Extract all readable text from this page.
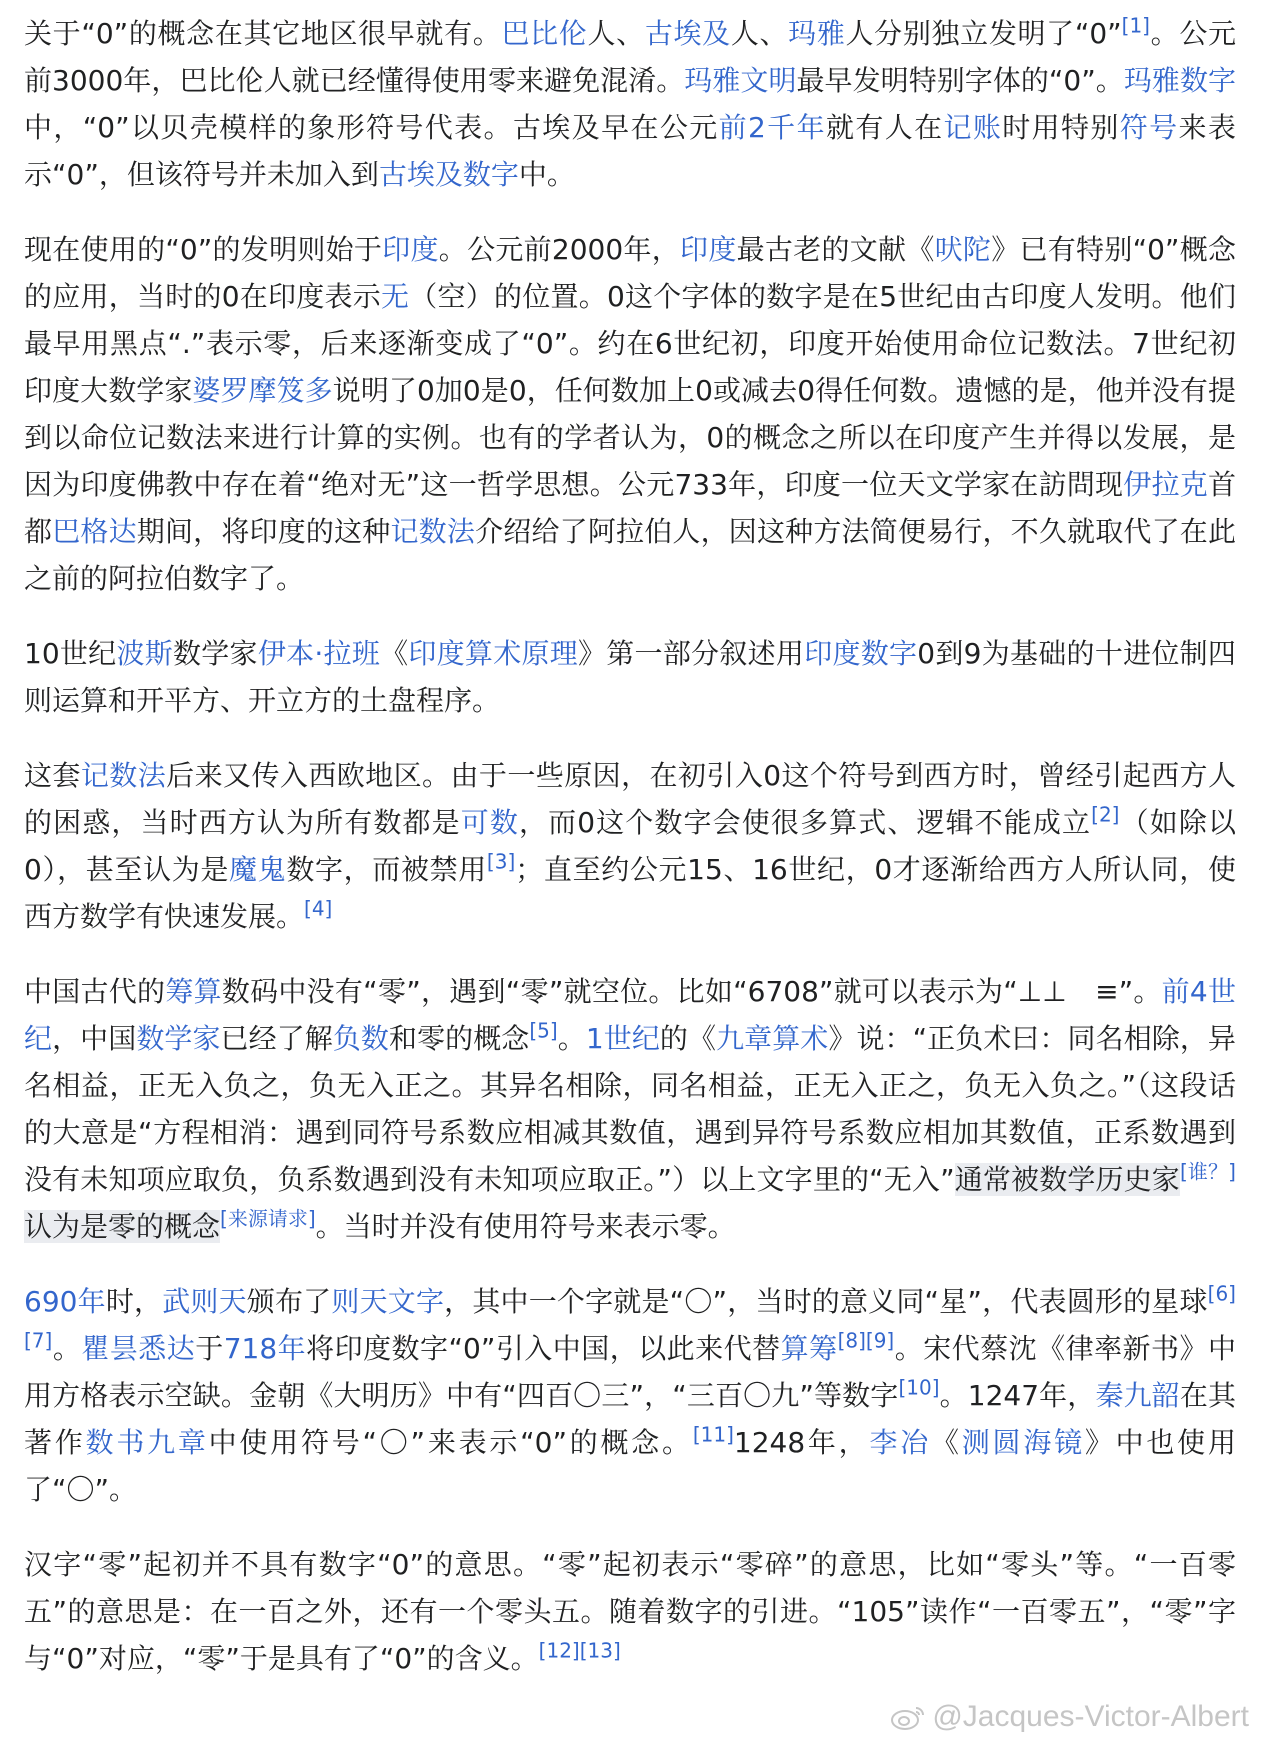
关于“0”的概念在其它地区很早就有。巴比伦人、古埃及人、玛雅人分别独立发明了“0”[1]。公元前3000年，巴比伦人就已经懂得使用零来避免混淆。玛雅文明最早发明特别字体的“0”。玛雅数字中，“0”以贝壳模样的象形符号代表。古埃及早在公元前2千年就有人在记账时用特别符号来表示“0”，但该符号并未加入到古埃及数字中。

现在使用的“0”的发明则始于印度。公元前2000年，印度最古老的文献《吠陀》已有特别“0”概念的应用，当时的0在印度表示无（空）的位置。0这个字体的数字是在5世纪由古印度人发明。他们最早用黑点“.”表示零，后来逐渐变成了“0”。约在6世纪初，印度开始使用命位记数法。7世纪初印度大数学家婆罗摩笈多说明了0加0是0，任何数加上0或减去0得任何数。遗憾的是，他并没有提到以命位记数法来进行计算的实例。也有的学者认为，0的概念之所以在印度产生并得以发展，是因为印度佛教中存在着“绝对无”这一哲学思想。公元733年，印度一位天文学家在訪問现伊拉克首都巴格达期间，将印度的这种记数法介绍给了阿拉伯人，因这种方法简便易行，不久就取代了在此之前的阿拉伯数字了。

10世纪波斯数学家伊本·拉班《印度算术原理》第一部分叙述用印度数字0到9为基础的十进位制四则运算和开平方、开立方的土盘程序。

这套记数法后来又传入西欧地区。由于一些原因，在初引入0这个符号到西方时，曾经引起西方人的困惑，当时西方认为所有数都是可数，而0这个数字会使很多算式、逻辑不能成立[2]（如除以0），甚至认为是魔鬼数字，而被禁用[3]；直至约公元15、16世纪，0才逐渐给西方人所认同，使西方数学有快速发展。[4]

中国古代的筹算数码中没有“零”，遇到“零”就空位。比如“6708”就可以表示为“⊥⊥　≡”。前4世纪，中国数学家已经了解负数和零的概念[5]。1世纪的《九章算术》说：“正负术曰：同名相除，异名相益，正无入负之，负无入正之。其异名相除，同名相益，正无入正之，负无入负之。”（这段话的大意是“方程相消：遇到同符号系数应相减其数值，遇到异符号系数应相加其数值，正系数遇到没有未知项应取负，负系数遇到没有未知项应取正。”）以上文字里的“无入”通常被数学历史家[谁？]认为是零的概念[来源请求]。当时并没有使用符号来表示零。

690年时，武则天颁布了则天文字，其中一个字就是“〇”，当时的意义同“星”，代表圆形的星球[6][7]。瞿昙悉达于718年将印度数字“0”引入中国，以此来代替算筹[8][9]。宋代蔡沈《律率新书》中用方格表示空缺。金朝《大明历》中有“四百〇三”，“三百〇九”等数字[10]。1247年，秦九韶在其著作数书九章中使用符号“〇”来表示“0”的概念。[11]1248年，李冶《测圆海镜》中也使用了“〇”。

汉字“零”起初并不具有数字“0”的意思。“零”起初表示“零碎”的意思，比如“零头”等。“一百零五”的意思是：在一百之外，还有一个零头五。随着数字的引进。“105”读作“一百零五”，“零”字与“0”对应，“零”于是具有了“0”的含义。[12][13]

@Jacques-Victor-Albert
